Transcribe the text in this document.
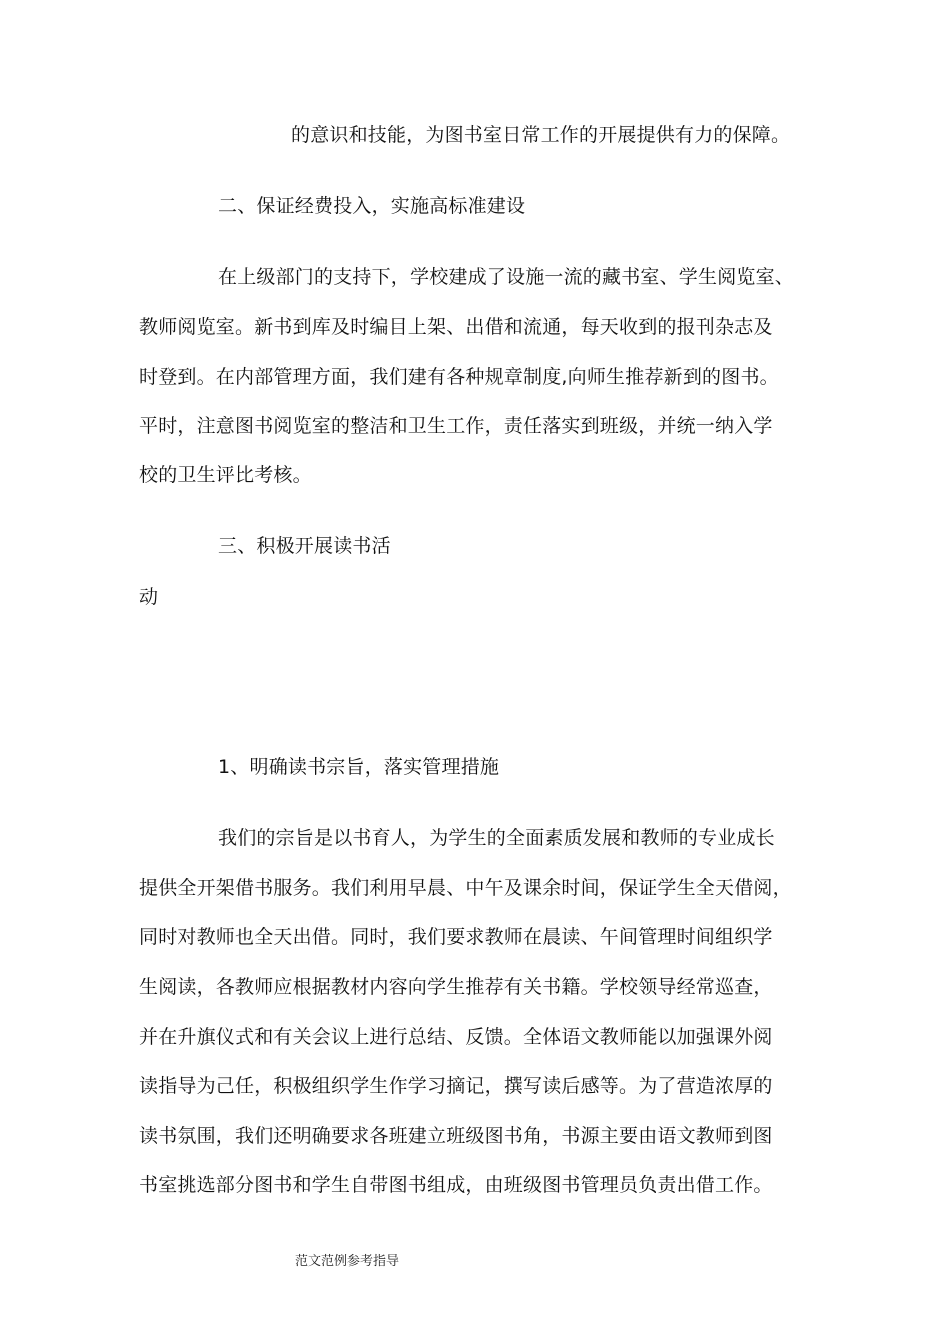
的意识和技能，为图书室日常工作的开展提供有力的保障。
二、保证经费投入，实施高标准建设
在上级部门的支持下，学校建成了设施一流的藏书室、学生阅览室、
教师阅览室。新书到库及时编目上架、出借和流通，每天收到的报刊杂志及
时登到。在内部管理方面，我们建有各种规章制度,向师生推荐新到的图书。
平时，注意图书阅览室的整洁和卫生工作，责任落实到班级，并统一纳入学
校的卫生评比考核。
三、积极开展读书活
动
1、明确读书宗旨，落实管理措施
我们的宗旨是以书育人，为学生的全面素质发展和教师的专业成长
提供全开架借书服务。我们利用早晨、中午及课余时间，保证学生全天借阅，
同时对教师也全天出借。同时，我们要求教师在晨读、午间管理时间组织学
生阅读，各教师应根据教材内容向学生推荐有关书籍。学校领导经常巡查，
并在升旗仪式和有关会议上进行总结、反馈。全体语文教师能以加强课外阅
读指导为己任，积极组织学生作学习摘记，撰写读后感等。为了营造浓厚的
读书氛围，我们还明确要求各班建立班级图书角，书源主要由语文教师到图
书室挑选部分图书和学生自带图书组成，由班级图书管理员负责出借工作。
范文范例参考指导
